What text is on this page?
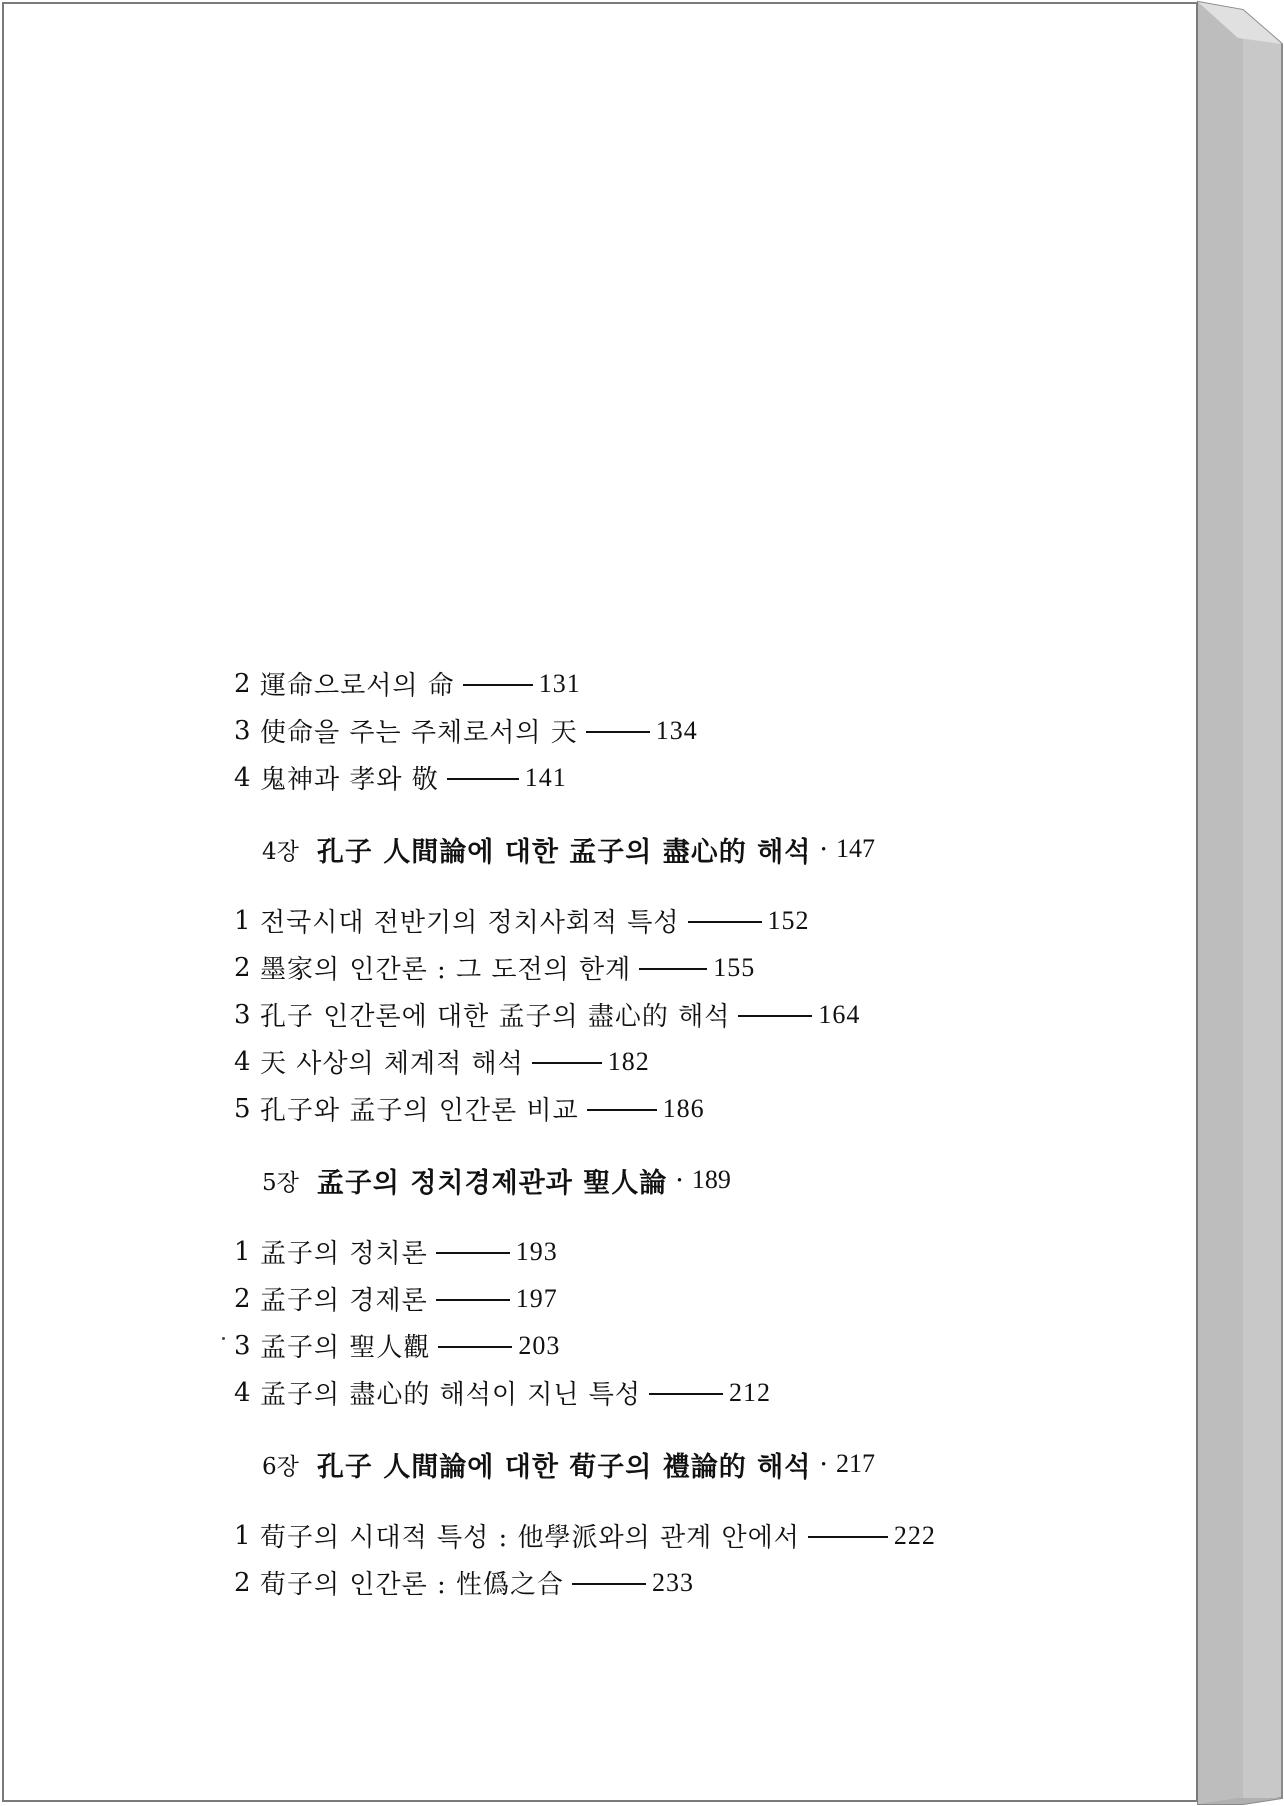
2 運命으로서의 命	131
3 使命을 주는 주체로서의 天	134
4 鬼神과 孝와 敬	141
4장 孔子 人間論에 대한 孟子의 盡心的 해석 · 147
1 전국시대 전반기의 정치사회적 특성	152
2 墨家의 인간론 : 그 도전의 한계	155
3 孔子 인간론에 대한 孟子의 盡心的 해석	164
4 天 사상의 체계적 해석	182
5 孔子와 孟子의 인간론 비교	186
5장 孟子의 정치경제관과 聖人論 · 189
1 孟子의 정치론	193
2 孟子의 경제론	197
3 孟子의 聖人觀	203
4 孟子의 盡心的 해석이 지닌 특성	212
6장 孔子 人間論에 대한 荀子의 禮論的 해석 · 217
1 荀子의 시대적 특성 : 他學派와의 관계 안에서	222
2 荀子의 인간론 : 性僞之合	233
